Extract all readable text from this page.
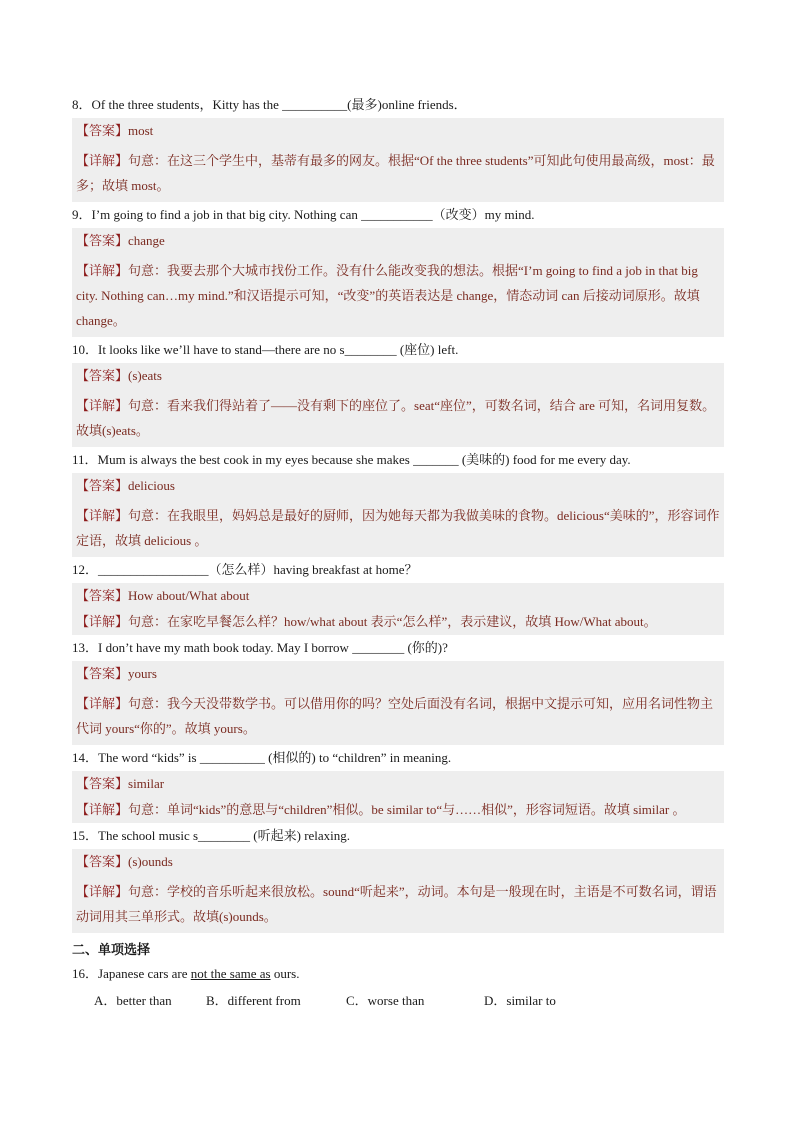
8．Of the three students，Kitty has the __________(最多)online friends．
【答案】most
【详解】句意：在这三个学生中，基蒂有最多的网友。根据“Of the three students”可知此句使用最高级，most：最多；故填 most。
9．I’m going to find a job in that big city. Nothing can ___________（改变）my mind.
【答案】change
【详解】句意：我要去那个大城市找份工作。没有什么能改变我的想法。根据“I’m going to find a job in that big city. Nothing can…my mind.”和汉语提示可知，“改变”的英语表达是 change，情态动词 can 后接动词原形。故填 change。
10．It looks like we’ll have to stand—there are no s________ (座位) left.
【答案】(s)eats
【详解】句意：看来我们得站着了——没有剩下的座位了。seat“座位”，可数名词，结合 are 可知，名词用复数。故填(s)eats。
11．Mum is always the best cook in my eyes because she makes _______ (美味的) food for me every day.
【答案】delicious
【详解】句意：在我眼里，妈妈总是最好的厨师，因为她每天都为我做美味的食物。delicious“美味的”，形容词作定语，故填 delicious 。
12．_________________（怎么样）having breakfast at home？
【答案】How about/What about
【详解】句意：在家吃早餐怎么样？how/what about 表示“怎么样”，表示建议，故填 How/What about。
13．I don’t have my math book today. May I borrow ________ (你的)?
【答案】yours
【详解】句意：我今天没带数学书。可以借用你的吗？空处后面没有名词，根据中文提示可知，应用名词性物主代词 yours“你的”。故填 yours。
14．The word “kids” is __________ (相似的) to “children” in meaning.
【答案】similar
【详解】句意：单词“kids”的意思与“children”相似。be similar to“与……相似”，形容词短语。故填 similar 。
15．The school music s________ (听起来) relaxing.
【答案】(s)ounds
【详解】句意：学校的音乐听起来很放松。sound“听起来”，动词。本句是一般现在时，主语是不可数名词，谓语动词用其三单形式。故填(s)ounds。
二、单项选择
16．Japanese cars are not the same as ours.
A．better than	B．different from	C．worse than	D．similar to
